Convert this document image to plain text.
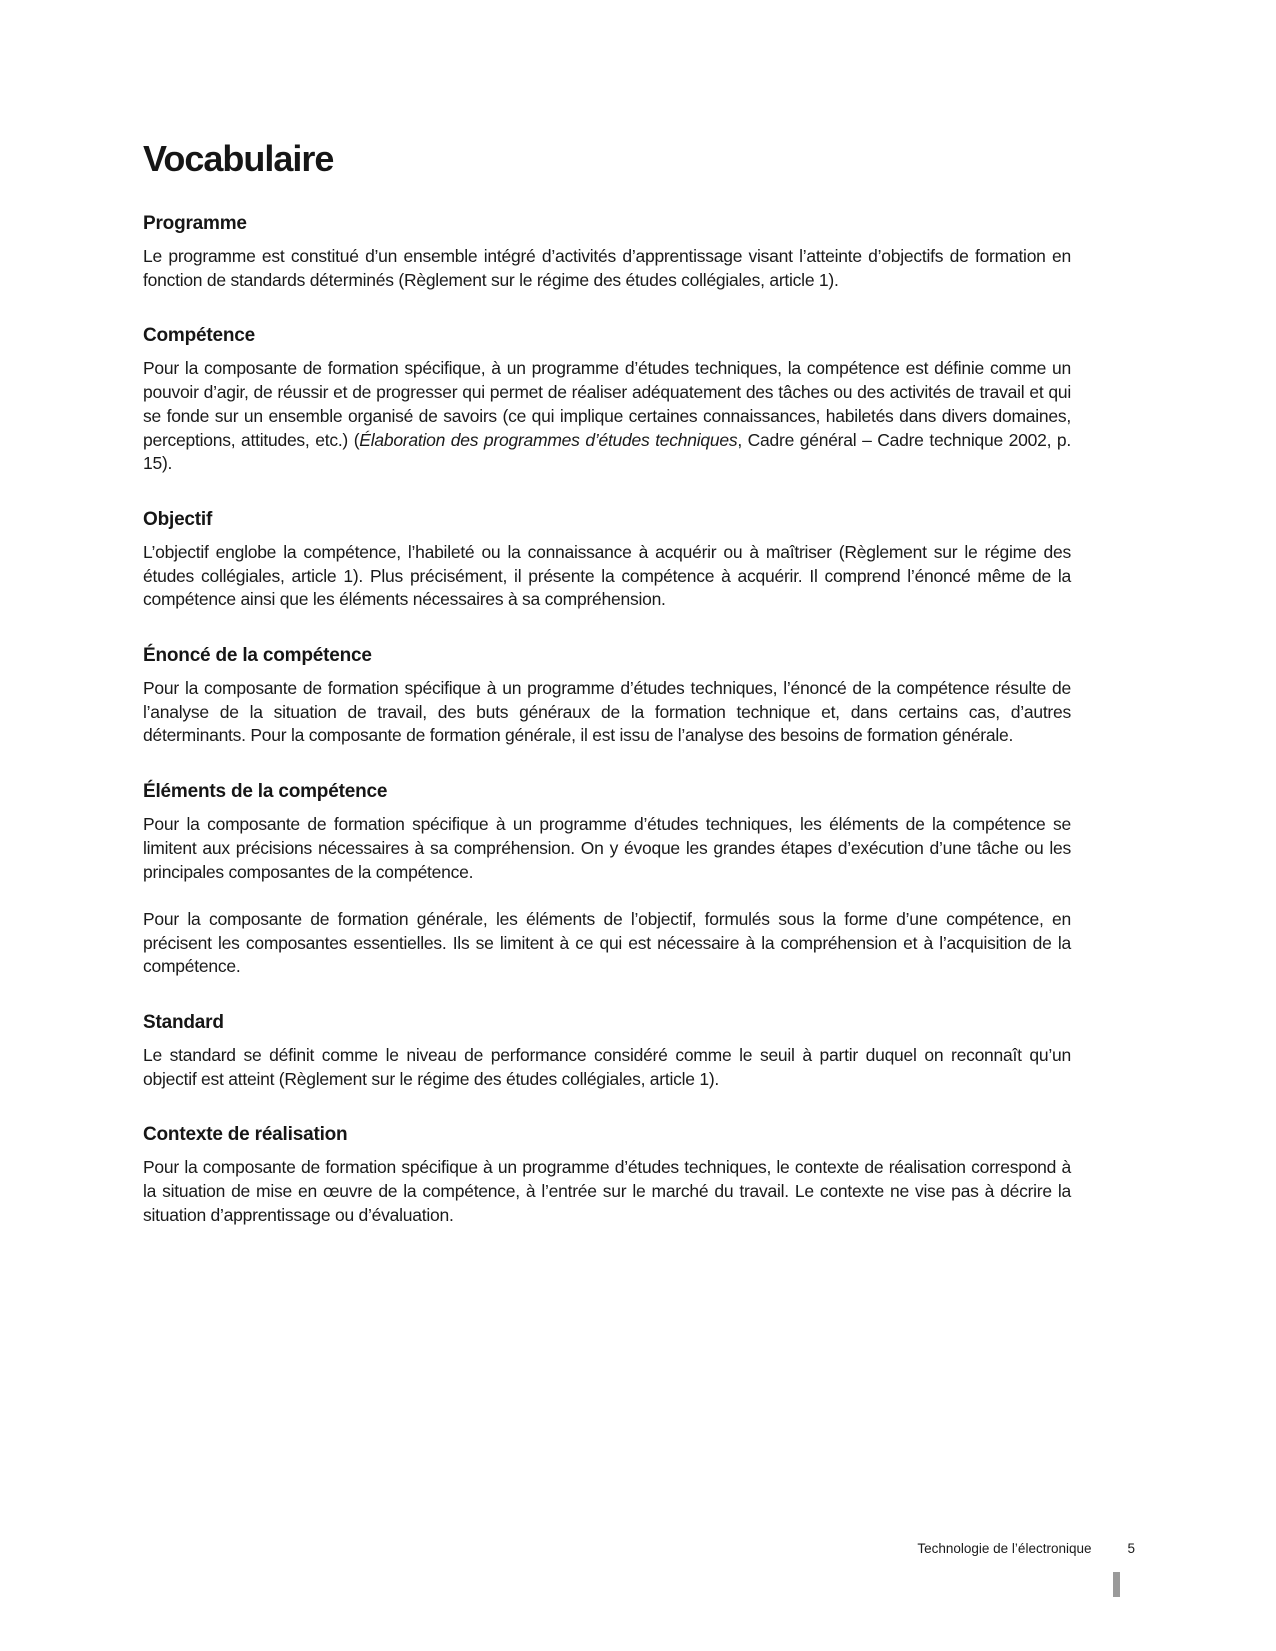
Vocabulaire
Programme

Le programme est constitué d’un ensemble intégré d’activités d’apprentissage visant l’atteinte d’objectifs de formation en fonction de standards déterminés (Règlement sur le régime des études collégiales, article 1).

Compétence

Pour la composante de formation spécifique, à un programme d’études techniques, la compétence est définie comme un pouvoir d’agir, de réussir et de progresser qui permet de réaliser adéquatement des tâches ou des activités de travail et qui se fonde sur un ensemble organisé de savoirs (ce qui implique certaines connaissances, habiletés dans divers domaines, perceptions, attitudes, etc.) (Élaboration des programmes d’études techniques, Cadre général – Cadre technique 2002, p. 15).

Objectif

L’objectif englobe la compétence, l’habileté ou la connaissance à acquérir ou à maîtriser (Règlement sur le régime des études collégiales, article 1). Plus précisément, il présente la compétence à acquérir. Il comprend l’énoncé même de la compétence ainsi que les éléments nécessaires à sa compréhension.

Énoncé de la compétence

Pour la composante de formation spécifique à un programme d’études techniques, l’énoncé de la compétence résulte de l’analyse de la situation de travail, des buts généraux de la formation technique et, dans certains cas, d’autres déterminants. Pour la composante de formation générale, il est issu de l’analyse des besoins de formation générale.

Éléments de la compétence

Pour la composante de formation spécifique à un programme d’études techniques, les éléments de la compétence se limitent aux précisions nécessaires à sa compréhension. On y évoque les grandes étapes d’exécution d’une tâche ou les principales composantes de la compétence.

Pour la composante de formation générale, les éléments de l’objectif, formulés sous la forme d’une compétence, en précisent les composantes essentielles. Ils se limitent à ce qui est nécessaire à la compréhension et à l’acquisition de la compétence.

Standard

Le standard se définit comme le niveau de performance considéré comme le seuil à partir duquel on reconnaît qu’un objectif est atteint (Règlement sur le régime des études collégiales, article 1).

Contexte de réalisation

Pour la composante de formation spécifique à un programme d’études techniques, le contexte de réalisation correspond à la situation de mise en œuvre de la compétence, à l’entrée sur le marché du travail. Le contexte ne vise pas à décrire la situation d’apprentissage ou d’évaluation.

Technologie de l’électronique	5
